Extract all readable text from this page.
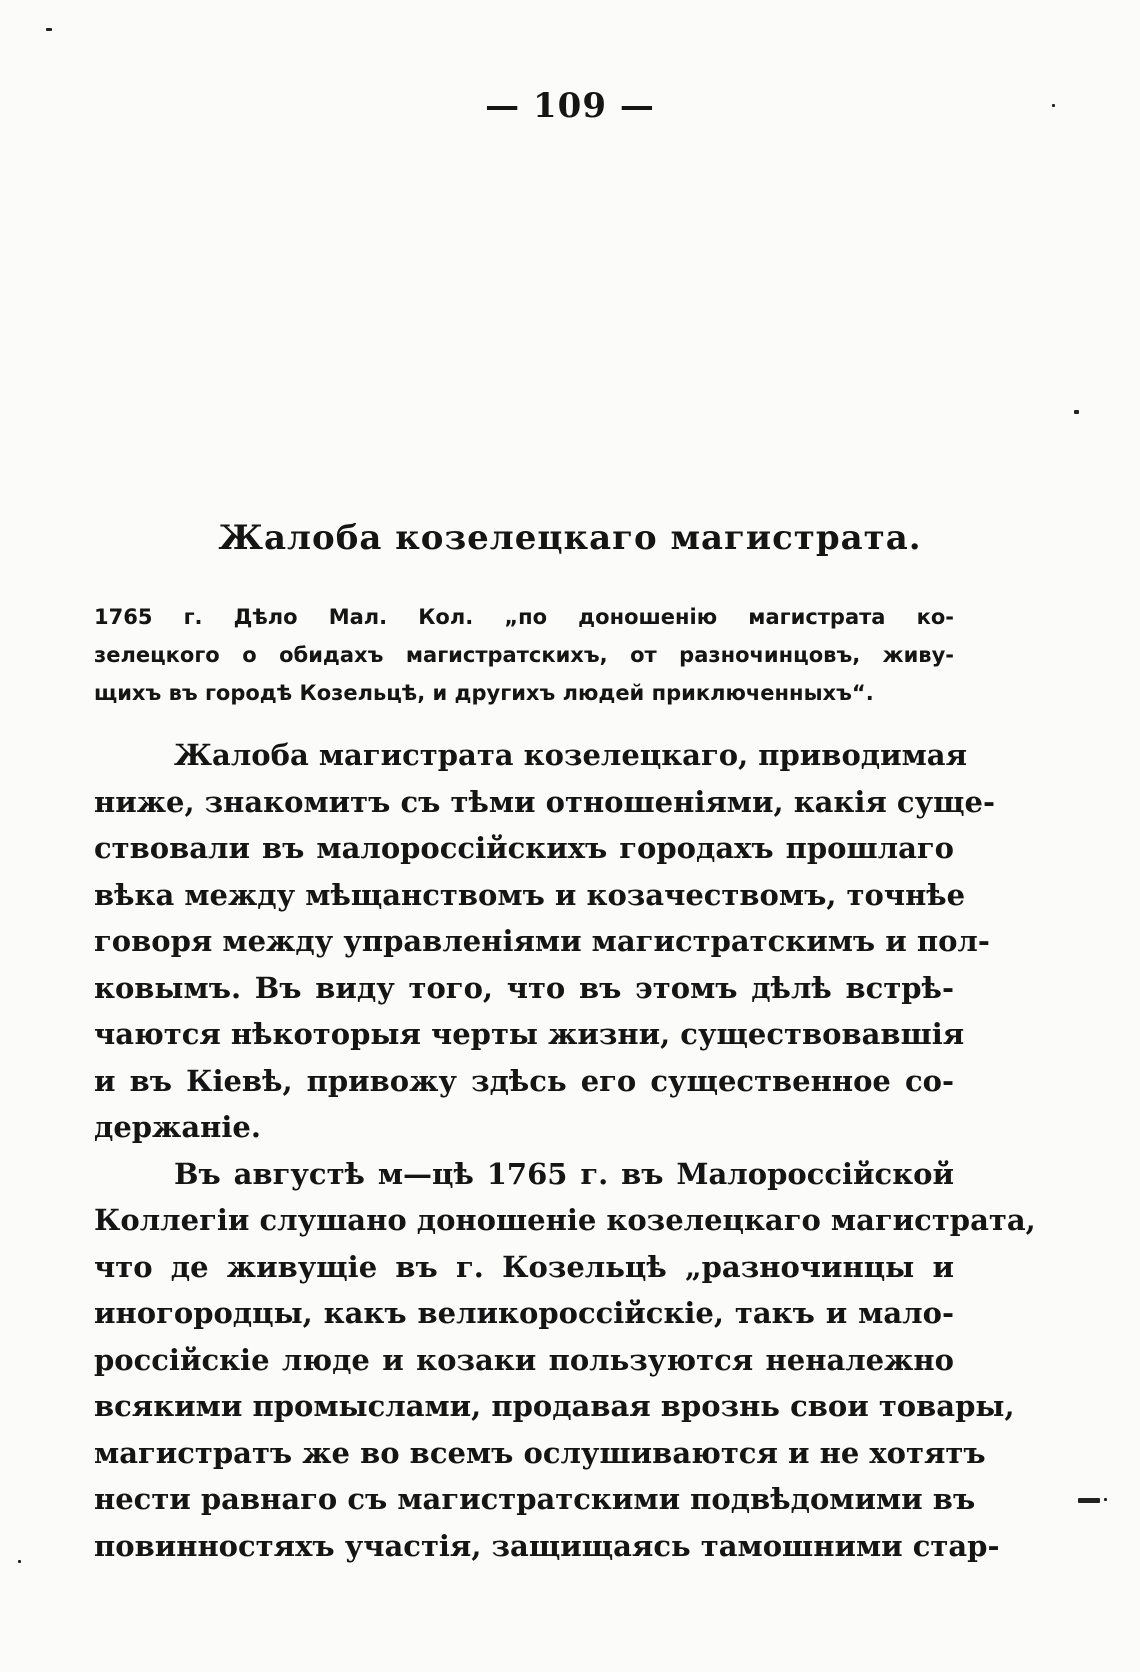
— 109 —
Жалоба козелецкаго магистрата.
1765 г. Дѣло Мал. Кол. „по доношенію магистрата ко-
зелецкого о обидахъ магистратскихъ, от разночинцовъ, живу-
щихъ въ городѣ Козельцѣ, и другихъ людей приключенныхъ“.
Жалоба магистрата козелецкаго, приводимая
ниже, знакомитъ съ тѣми отношеніями, какія суще-
ствовали въ малороссійскихъ городахъ прошлаго
вѣка между мѣщанствомъ и козачествомъ, точнѣе
говоря между управленіями магистратскимъ и пол-
ковымъ. Въ виду того, что въ этомъ дѣлѣ встрѣ-
чаются нѣкоторыя черты жизни, существовавшія
и въ Кіевѣ, привожу здѣсь его существенное со-
держаніе.
Въ августѣ м—цѣ 1765 г. въ Малороссійской
Коллегіи слушано доношеніе козелецкаго магистрата,
что де живущіе въ г. Козельцѣ „разночинцы и
иногородцы, какъ великороссійскіе, такъ и мало-
россійскіе люде и козаки пользуются неналежно
всякими промыслами, продавая врознь свои товары,
магистратъ же во всемъ ослушиваются и не хотятъ
нести равнаго съ магистратскими подвѣдомими въ
повинностяхъ участія, защищаясь тамошними стар-
